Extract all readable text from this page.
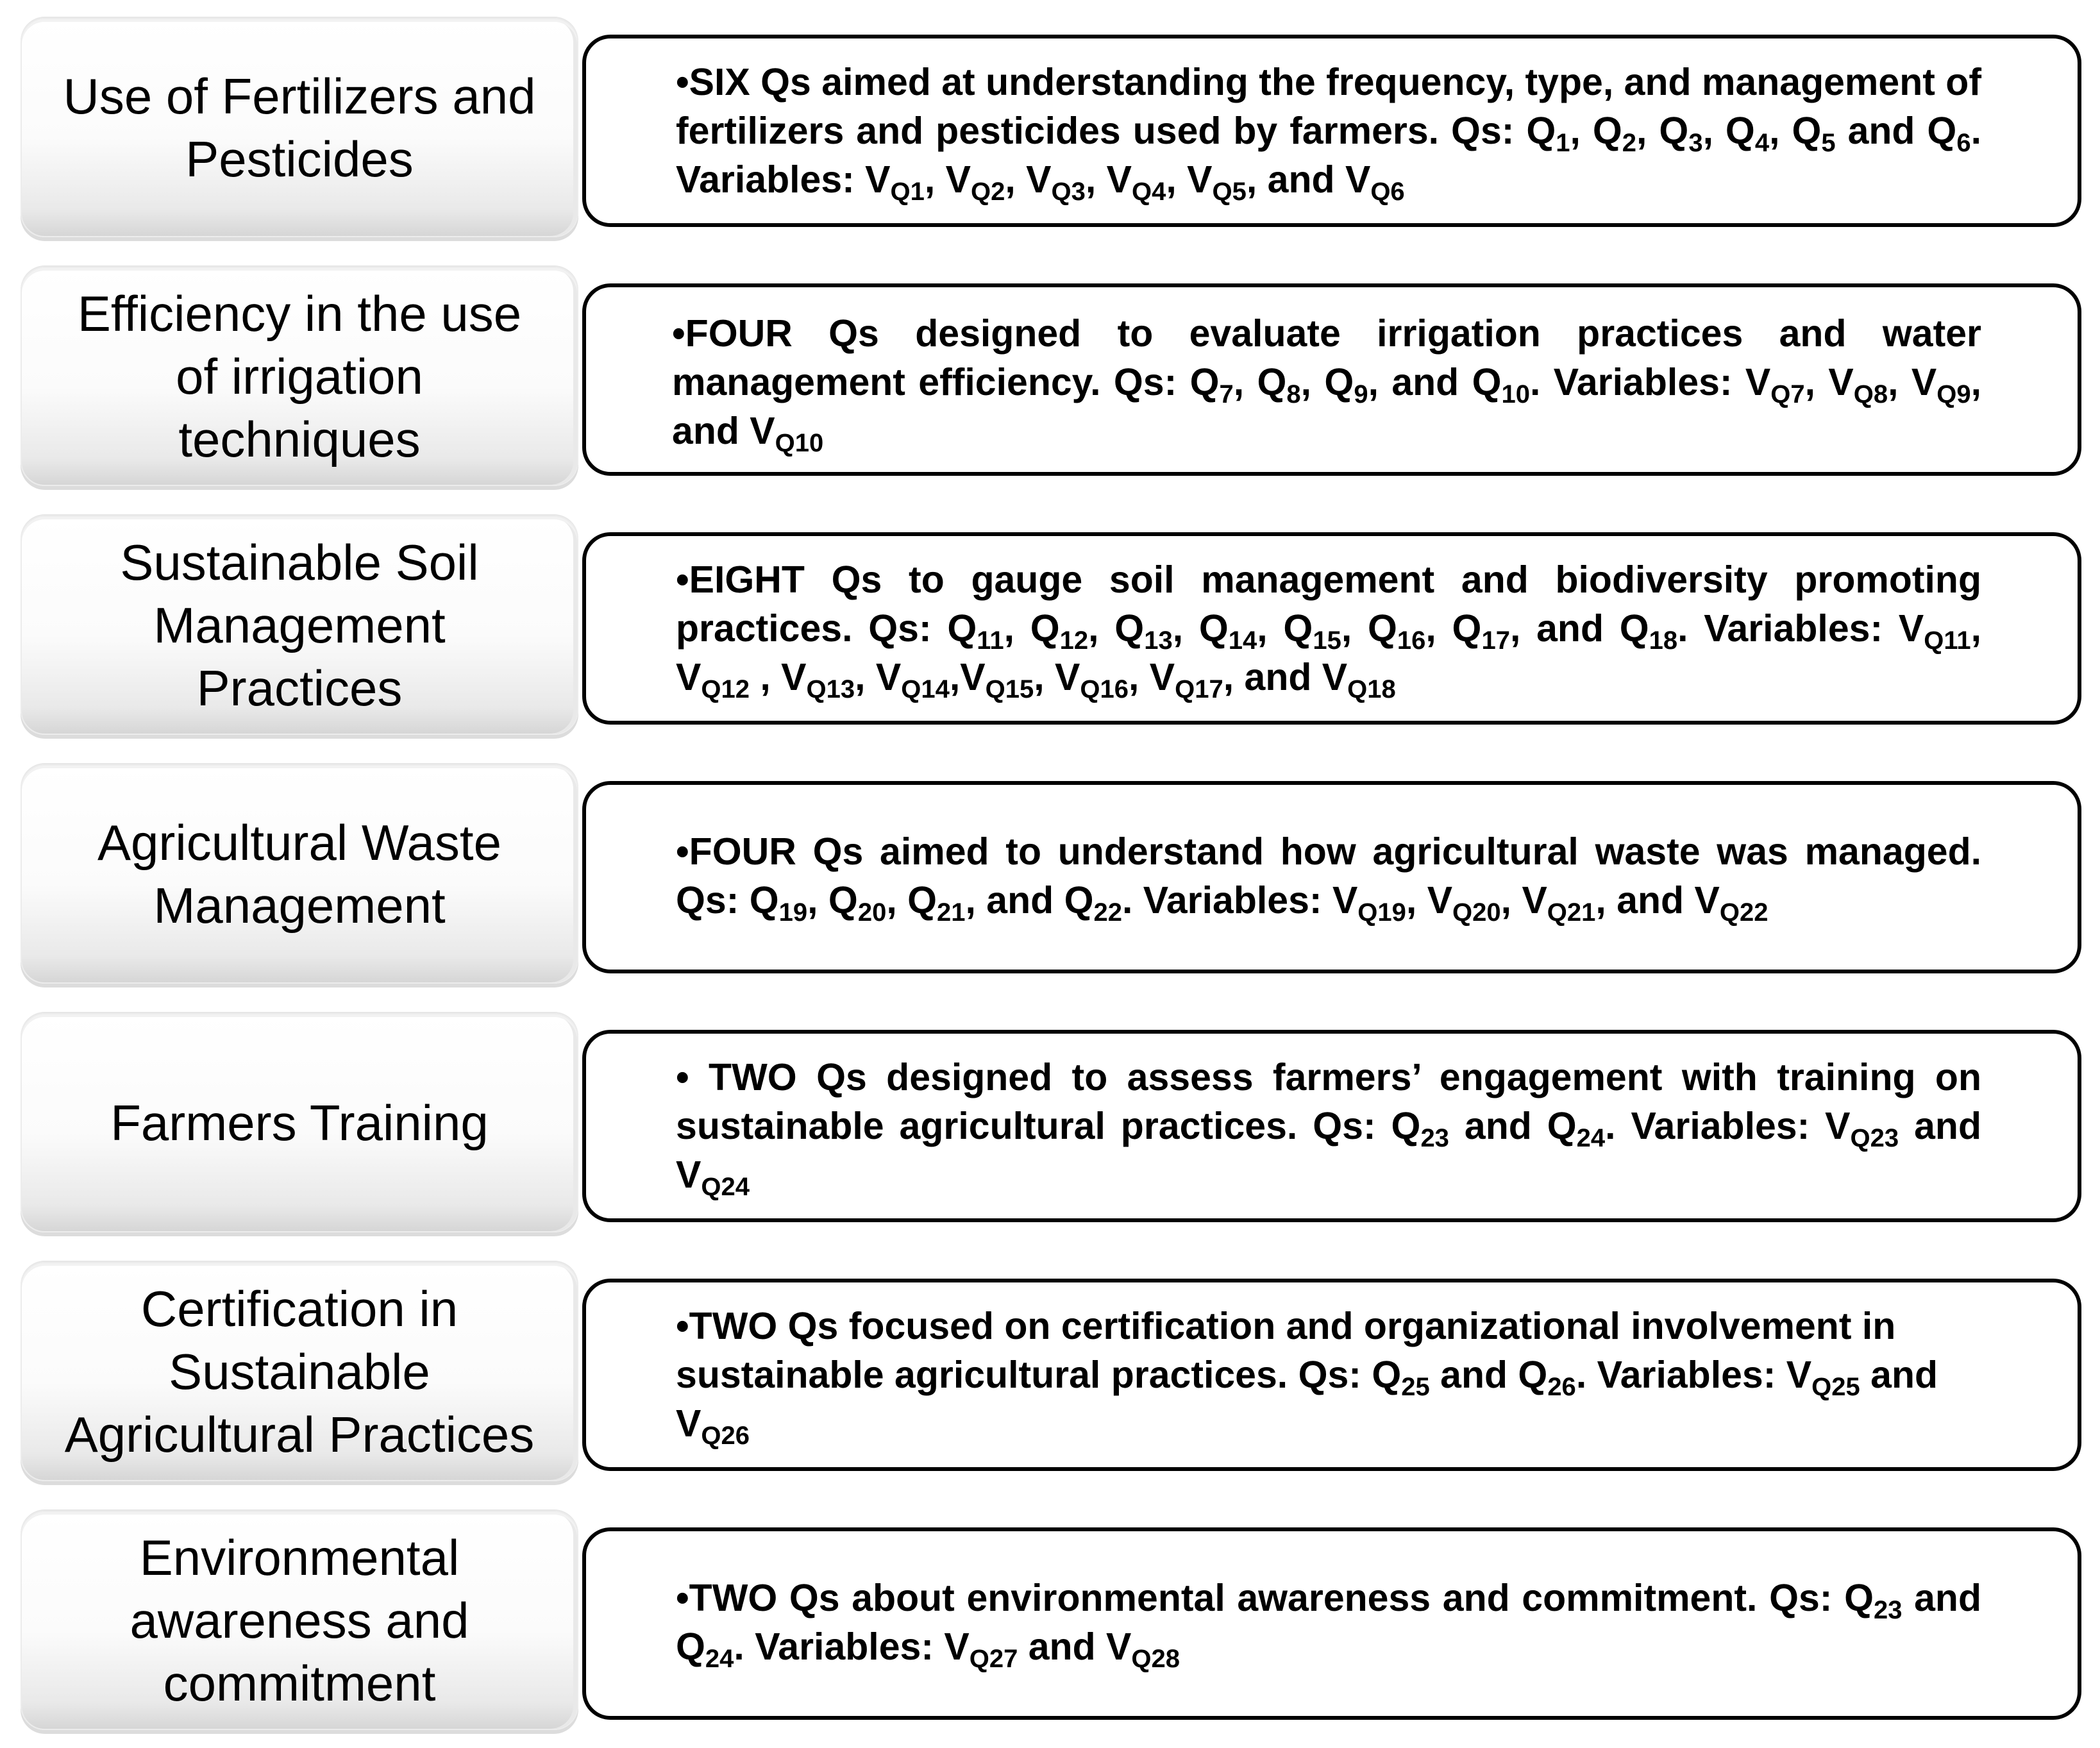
Use of Fertilizers and
Pesticides
•SIX Qs aimed at understanding the frequency, type, and management of fertilizers and pesticides used by farmers. Qs: $Q_1$, $Q_2$, $Q_3$, $Q_4$, $Q_5$ and $Q_6$. Variables: $V_{Q1}$, $V_{Q2}$, $V_{Q3}$, $V_{Q4}$, $V_{Q5}$, and $V_{Q6}$
Efficiency in the use
of irrigation
techniques
•FOUR Qs designed to evaluate irrigation practices and water management efficiency. Qs: $Q_7$, $Q_8$, $Q_9$, and $Q_{10}$. Variables: $V_{Q7}$, $V_{Q8}$, $V_{Q9}$, and $V_{Q10}$
Sustainable Soil
Management
Practices
•EIGHT Qs to gauge soil management and biodiversity promoting practices. Qs: $Q_{11}$, $Q_{12}$, $Q_{13}$, $Q_{14}$, $Q_{15}$, $Q_{16}$, $Q_{17}$, and $Q_{18}$. Variables: $V_{Q11}$, $V_{Q12}$ , $V_{Q13}$, $V_{Q14},V_{Q15}$, $V_{Q16}$, $V_{Q17}$, and $V_{Q18}$
Agricultural Waste
Management
•FOUR Qs aimed to understand how agricultural waste was managed. Qs: $Q_{19}$, $Q_{20}$, $Q_{21}$, and $Q_{22}$. Variables: $V_{Q19}$, $V_{Q20}$, $V_{Q21}$, and $V_{Q22}$
Farmers Training
• TWO Qs designed to assess farmers’ engagement with training on sustainable agricultural practices. Qs: $Q_{23}$ and $Q_{24}$. Variables: $V_{Q23}$ and $V_{Q24}$
Certification in
Sustainable
Agricultural Practices
•TWO Qs focused on certification and organizational involvement in sustainable agricultural practices. Qs: $Q_{25}$ and $Q_{26}$. Variables: $V_{Q25}$ and $V_{Q26}$
Environmental
awareness and
commitment
•TWO Qs about environmental awareness and commitment. Qs: $Q_{23}$ and $Q_{24}$. Variables: $V_{Q27}$ and $V_{Q28}$
